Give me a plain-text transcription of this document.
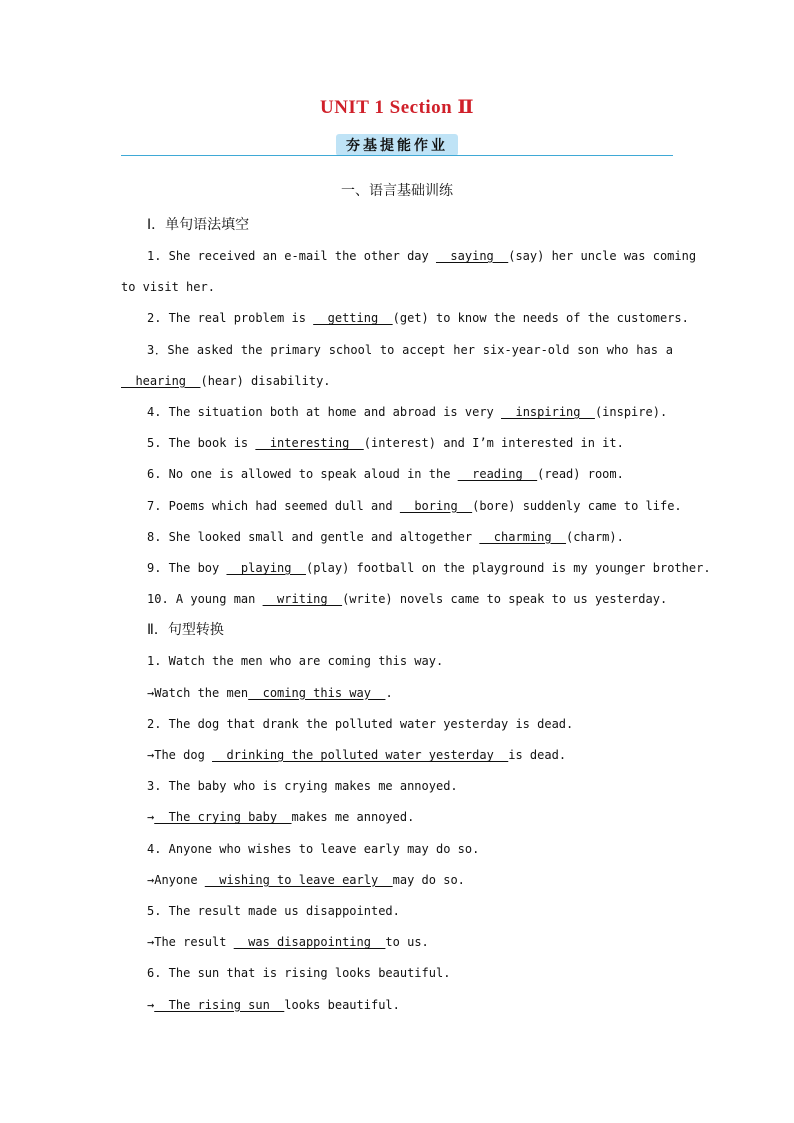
UNIT 1 Section Ⅱ
夯基提能作业
一、语言基础训练
Ⅰ．单句语法填空
1. She received an e-mail the other day   saying  (say) her uncle was coming
to visit her.
2. The real problem is   getting  (get) to know the needs of the customers.
3．She asked the primary school to accept her six-year-old son who has a
hearing  (hear) disability.
4. The situation both at home and abroad is very   inspiring  (inspire).
5. The book is   interesting  (interest) and I’m interested in it.
6. No one is allowed to speak aloud in the   reading  (read) room.
7. Poems which had seemed dull and   boring  (bore) suddenly came to life.
8. She looked small and gentle and altogether   charming  (charm).
9. The boy   playing  (play) football on the playground is my younger brother.
10. A young man   writing  (write) novels came to speak to us yesterday.
Ⅱ．句型转换
1. Watch the men who are coming this way.
→Watch the men  coming this way  .
2. The dog that drank the polluted water yesterday is dead.
→The dog   drinking the polluted water yesterday  is dead.
3. The baby who is crying makes me annoyed.
→  The crying baby  makes me annoyed.
4. Anyone who wishes to leave early may do so.
→Anyone   wishing to leave early  may do so.
5. The result made us disappointed.
→The result   was disappointing  to us.
6. The sun that is rising looks beautiful.
→  The rising sun  looks beautiful.
